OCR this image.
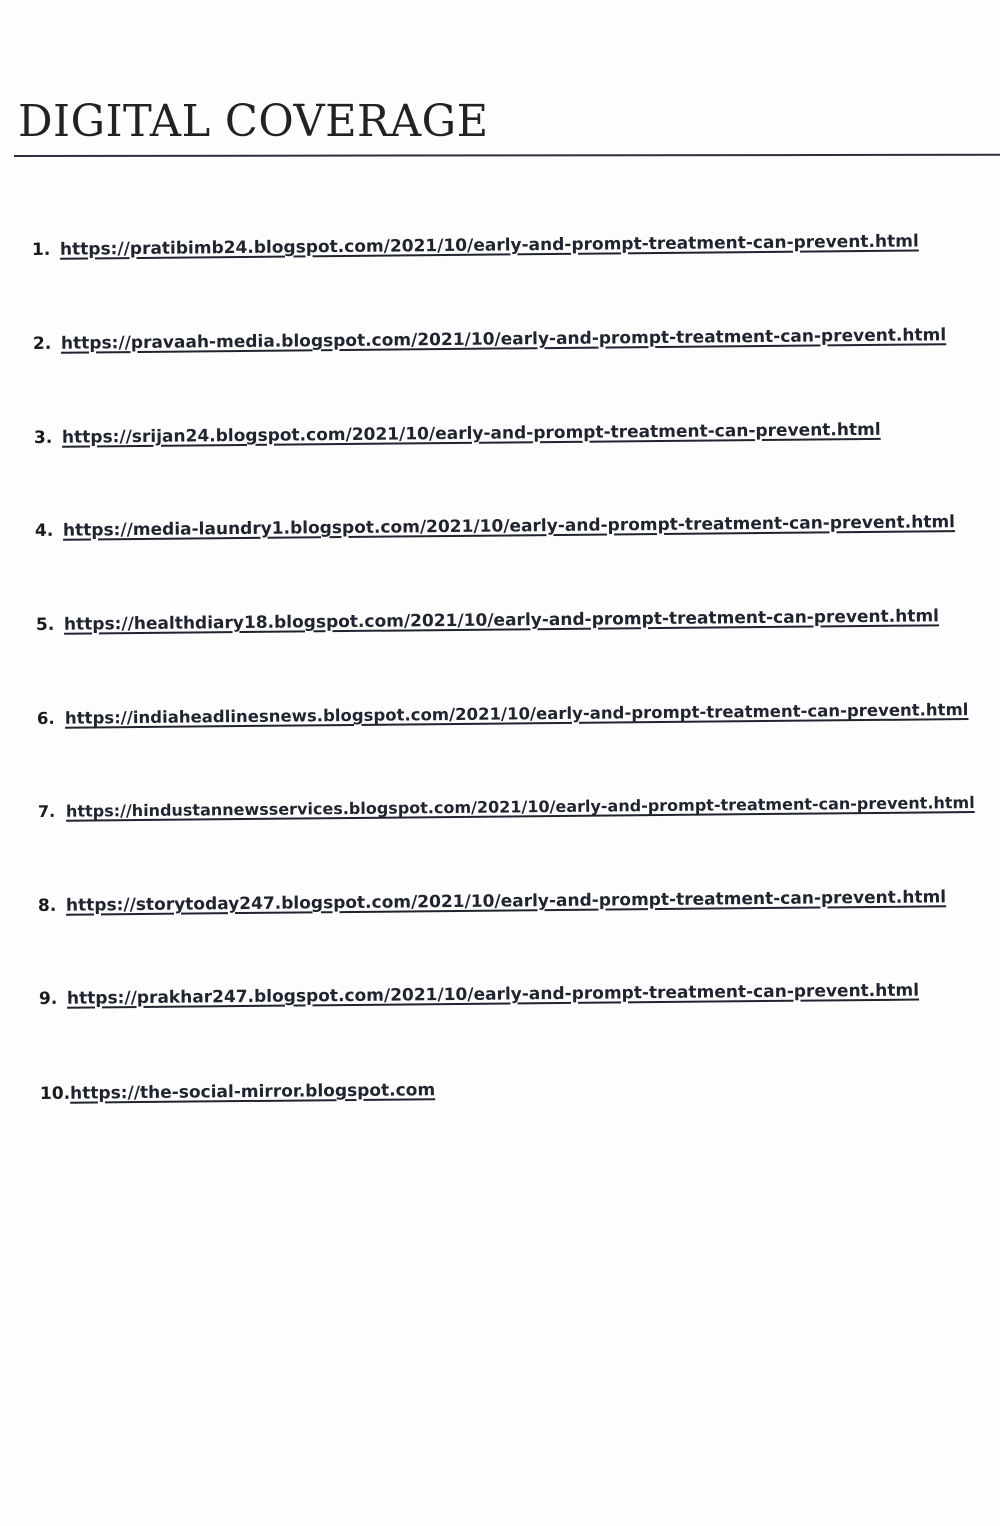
DIGITAL COVERAGE
1. https://pratibimb24.blogspot.com/2021/10/early-and-prompt-treatment-can-prevent.html
2. https://pravaah-media.blogspot.com/2021/10/early-and-prompt-treatment-can-prevent.html
3. https://srijan24.blogspot.com/2021/10/early-and-prompt-treatment-can-prevent.html
4. https://media-laundry1.blogspot.com/2021/10/early-and-prompt-treatment-can-prevent.html
5. https://healthdiary18.blogspot.com/2021/10/early-and-prompt-treatment-can-prevent.html
6. https://indiaheadlinesnews.blogspot.com/2021/10/early-and-prompt-treatment-can-prevent.html
7. https://hindustannewsservices.blogspot.com/2021/10/early-and-prompt-treatment-can-prevent.html
8. https://storytoday247.blogspot.com/2021/10/early-and-prompt-treatment-can-prevent.html
9. https://prakhar247.blogspot.com/2021/10/early-and-prompt-treatment-can-prevent.html
10.https://the-social-mirror.blogspot.com
